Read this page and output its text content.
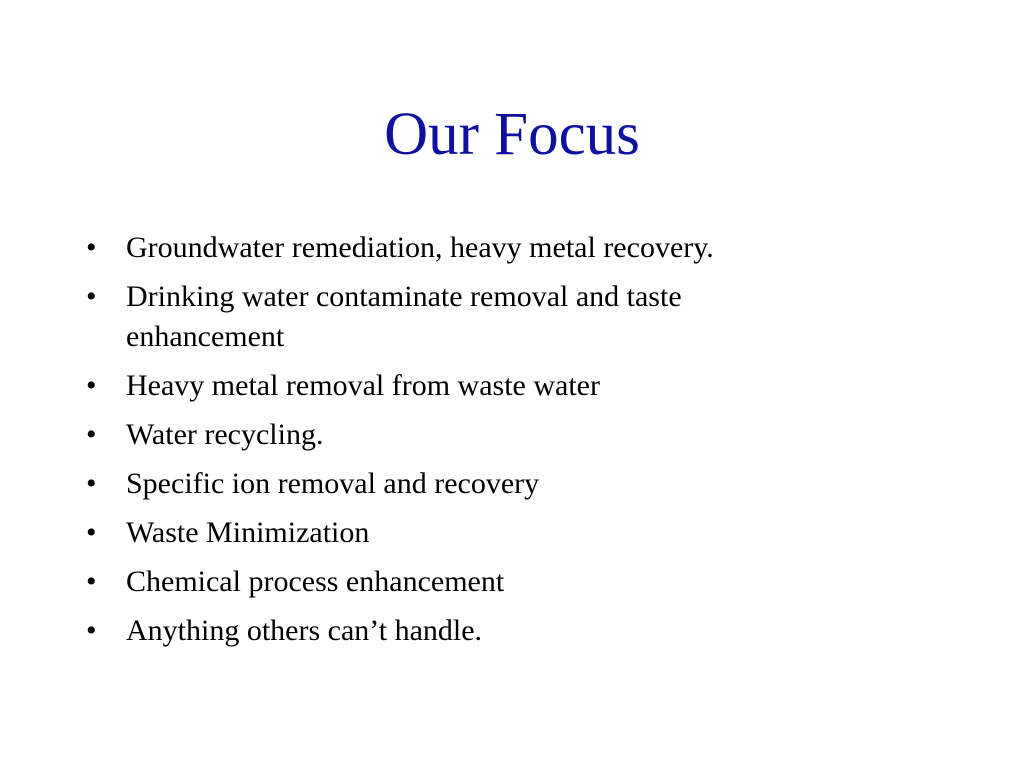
Our Focus
• Groundwater remediation, heavy metal recovery.
• Drinking water contaminate removal and taste enhancement
• Heavy metal removal from waste water
• Water recycling.
• Specific ion removal and recovery
• Waste Minimization
• Chemical process enhancement
• Anything others can’t handle.
